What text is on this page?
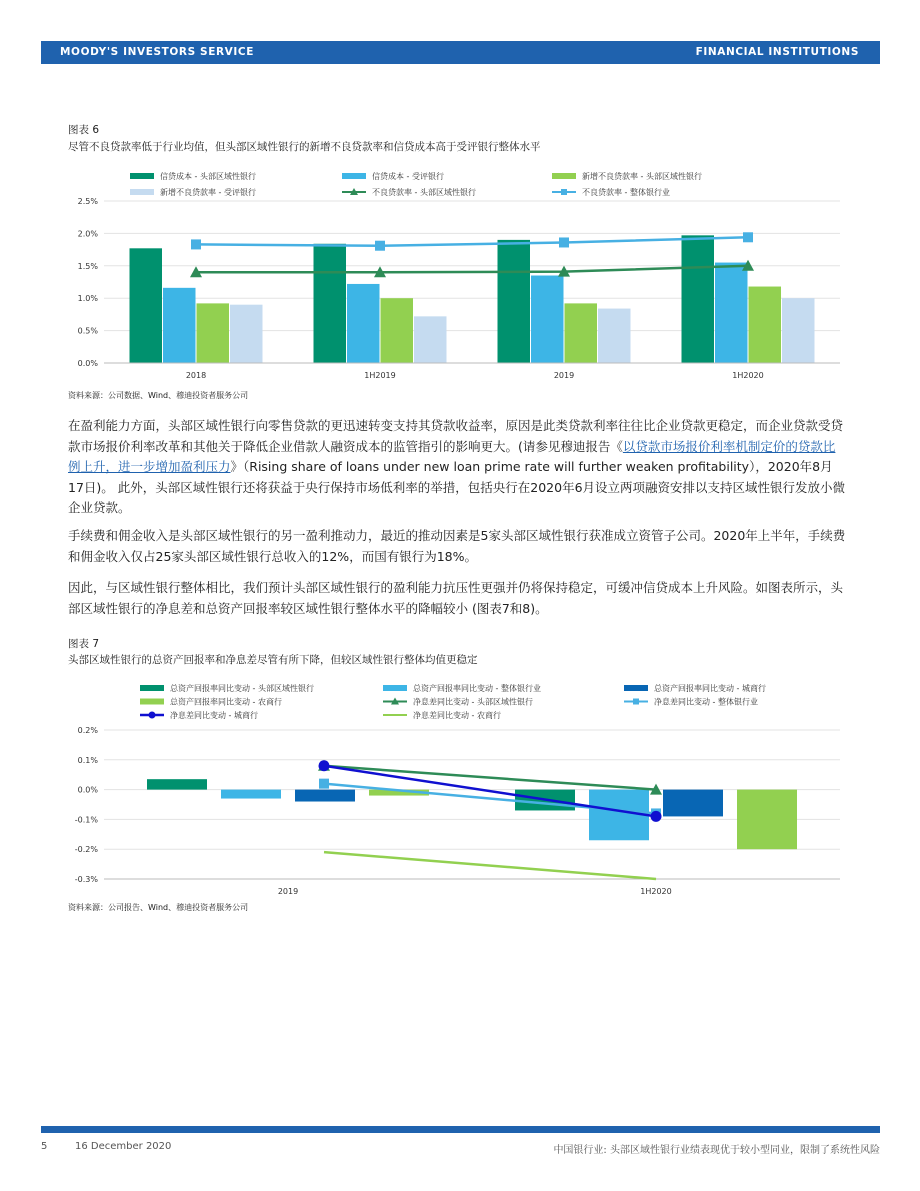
MOODY'S INVESTORS SERVICE	FINANCIAL INSTITUTIONS
图表 6
尽管不良贷款率低于行业均值，但头部区域性银行的新增不良贷款率和信贷成本高于受评银行整体水平
信贷成本 - 头部区域性银行	信贷成本 - 受评银行	新增不良贷款率 - 头部区域性银行
新增不良贷款率 - 受评银行	不良贷款率 - 头部区域性银行	不良贷款率 - 整体银行业
0.0%
0.5%
1.0%
1.5%
2.0%
2.5%
2018	1H2019	2019	1H2020
资料来源：公司数据、Wind、穆迪投资者服务公司
在盈利能力方面，头部区域性银行向零售贷款的更迅速转变支持其贷款收益率，原因是此类贷款利率往往比企业贷款更稳定，而企业贷款受贷款市场报价利率改革和其他关于降低企业借款人融资成本的监管指引的影响更大。(请参见穆迪报告《以贷款市场报价利率机制定价的贷款比例上升，进一步增加盈利压力》（Rising share of loans under new loan prime rate will further weaken profitability），2020年8月17日)。 此外，头部区域性银行还将获益于央行保持市场低利率的举措，包括央行在2020年6月设立两项融资安排以支持区域性银行发放小微企业贷款。
手续费和佣金收入是头部区域性银行的另一盈利推动力，最近的推动因素是5家头部区域性银行获准成立资管子公司。2020年上半年，手续费和佣金收入仅占25家头部区域性银行总收入的12%，而国有银行为18%。
因此，与区域性银行整体相比，我们预计头部区域性银行的盈利能力抗压性更强并仍将保持稳定，可缓冲信贷成本上升风险。如图表所示，头部区域性银行的净息差和总资产回报率较区域性银行整体水平的降幅较小 (图表7和8)。
图表 7
头部区域性银行的总资产回报率和净息差尽管有所下降，但较区域性银行整体均值更稳定
总资产回报率同比变动 - 头部区域性银行	总资产回报率同比变动 - 整体银行业	总资产回报率同比变动 - 城商行
总资产回报率同比变动 - 农商行	净息差同比变动 - 头部区域性银行	净息差同比变动 - 整体银行业
净息差同比变动 - 城商行	净息差同比变动 - 农商行
-0.3%
-0.2%
-0.1%
0.0%
0.1%
0.2%
2019	1H2020
资料来源：公司报告、Wind、穆迪投资者服务公司
5	16 December 2020	中国银行业: 头部区域性银行业绩表现优于较小型同业，限制了系统性风险
